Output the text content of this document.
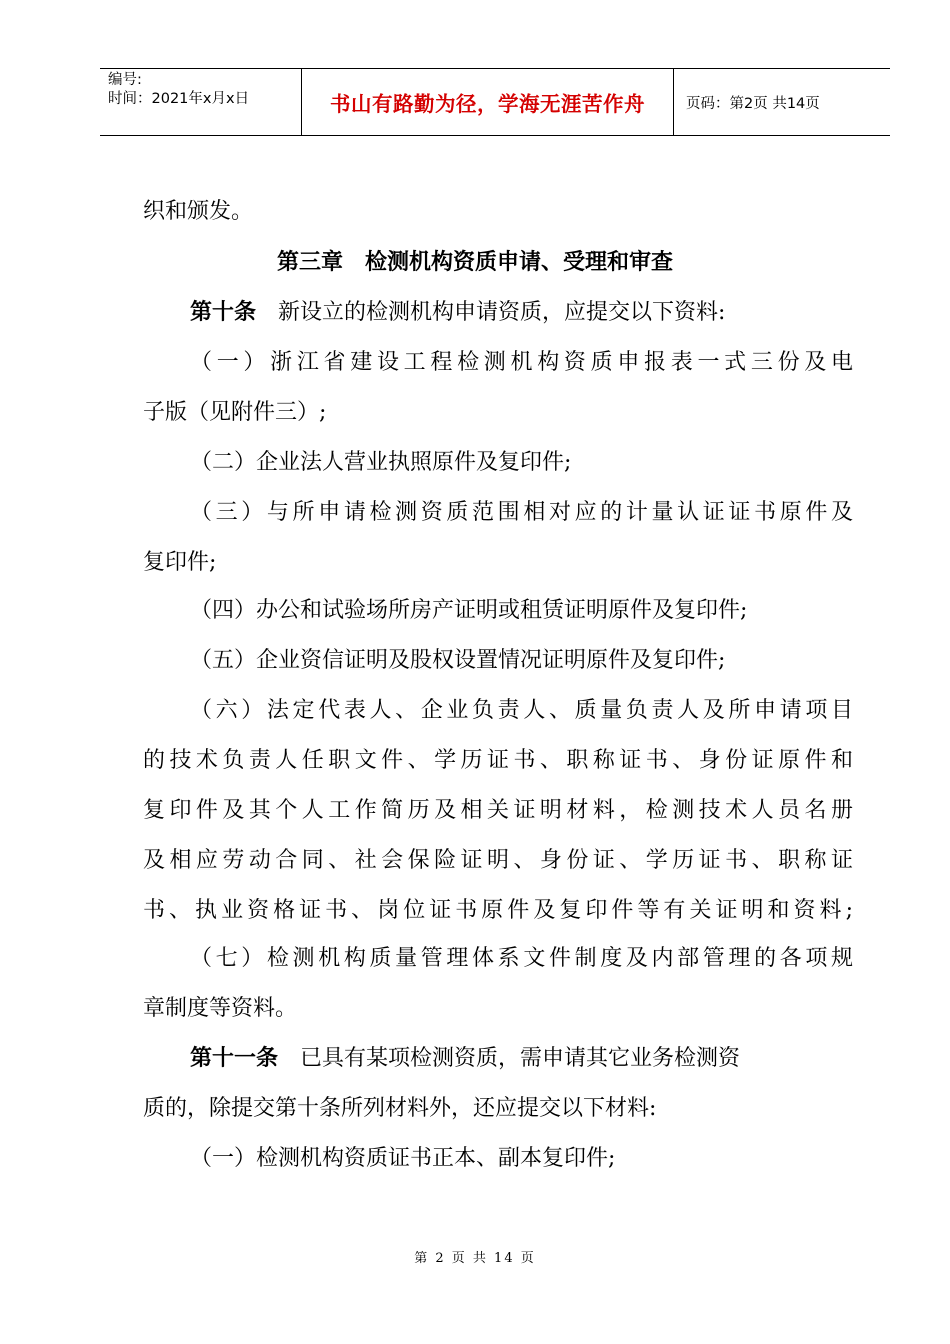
编号:
时间：2021年x月x日	书山有路勤为径，学海无涯苦作舟	页码：第2页 共14页
织和颁发。
第三章　检测机构资质申请、受理和审查
第十条　新设立的检测机构申请资质，应提交以下资料:
（一）浙江省建设工程检测机构资质申报表一式三份及电
子版（见附件三）;
（二）企业法人营业执照原件及复印件;
（三）与所申请检测资质范围相对应的计量认证证书原件及
复印件;
（四）办公和试验场所房产证明或租赁证明原件及复印件;
（五）企业资信证明及股权设置情况证明原件及复印件;
（六）法定代表人、企业负责人、质量负责人及所申请项目
的技术负责人任职文件、学历证书、职称证书、身份证原件和
复印件及其个人工作简历及相关证明材料，检测技术人员名册
及相应劳动合同、社会保险证明、身份证、学历证书、职称证
书、执业资格证书、岗位证书原件及复印件等有关证明和资料;
（七）检测机构质量管理体系文件制度及内部管理的各项规
章制度等资料。
第十一条　已具有某项检测资质，需申请其它业务检测资
质的，除提交第十条所列材料外，还应提交以下材料:
（一）检测机构资质证书正本、副本复印件;
第 2 页 共 14 页
